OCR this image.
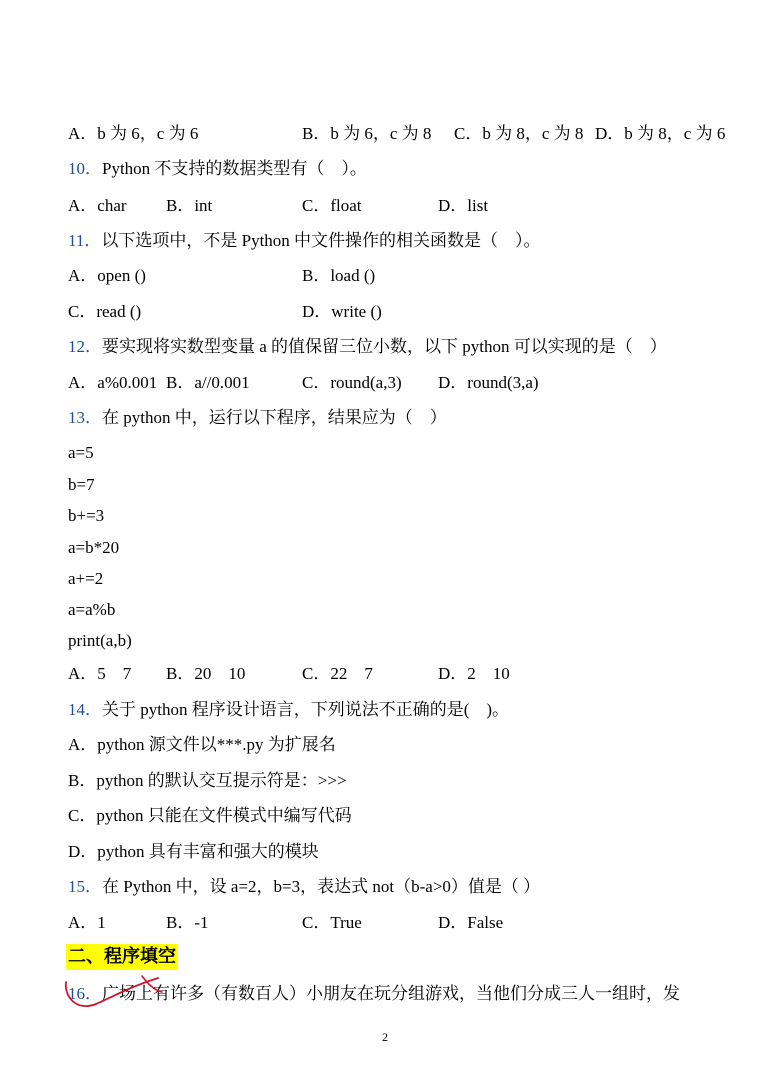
A．b 为 6，c 为 6	B．b 为 6，c 为 8 C．b 为 8，c 为 8 D．b 为 8，c 为 6
10．Python 不支持的数据类型有（　）。
A．char B．int	C．float	D．list
11．以下选项中，不是 Python 中文件操作的相关函数是（　）。
A．open ()	B．load ()
C．read ()	D．write ()
12．要实现将实数型变量 a 的值保留三位小数，以下 python 可以实现的是（　）
A．a%0.001 B．a//0.001	C．round(a,3) D．round(3,a)
13．在 python 中，运行以下程序，结果应为（　）
a=5
b=7
b+=3
a=b*20
a+=2
a=a%b
print(a,b)
A．5　7 B．20　10	C．22　7	D．2　10
14．关于 python 程序设计语言，下列说法不正确的是(　)。
A．python 源文件以***.py 为扩展名
B．python 的默认交互提示符是：>>>
C．python 只能在文件模式中编写代码
D．python 具有丰富和强大的模块
15．在 Python 中，设 a=2，b=3，表达式 not（b-a>0）值是（ ）
A．1	B．-1	C．True	D．False
二、程序填空
16．广场上有许多（有数百人）小朋友在玩分组游戏，当他们分成三人一组时，发
2
